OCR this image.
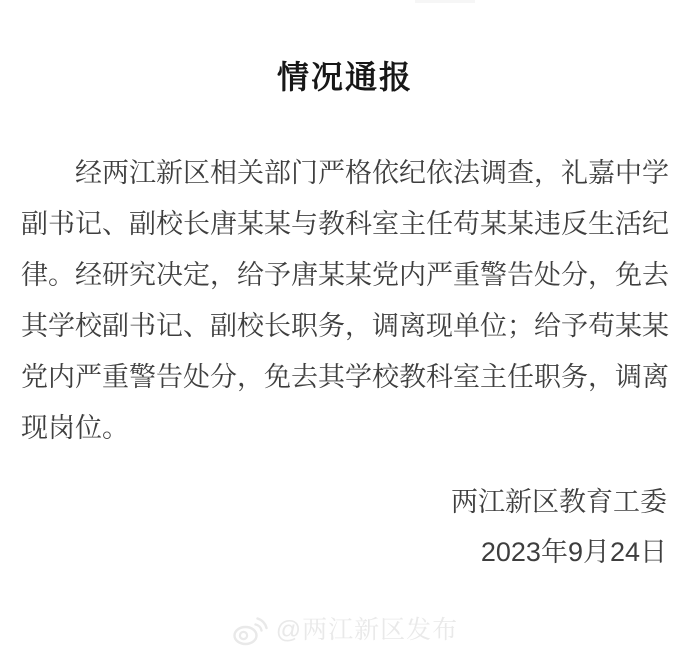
情况通报
经两江新区相关部门严格依纪依法调查，礼嘉中学
副书记、副校长唐某某与教科室主任苟某某违反生活纪
律。经研究决定，给予唐某某党内严重警告处分，免去
其学校副书记、副校长职务，调离现单位；给予苟某某
党内严重警告处分，免去其学校教科室主任职务，调离
现岗位。
两江新区教育工委
2023年9月24日
@两江新区发布
